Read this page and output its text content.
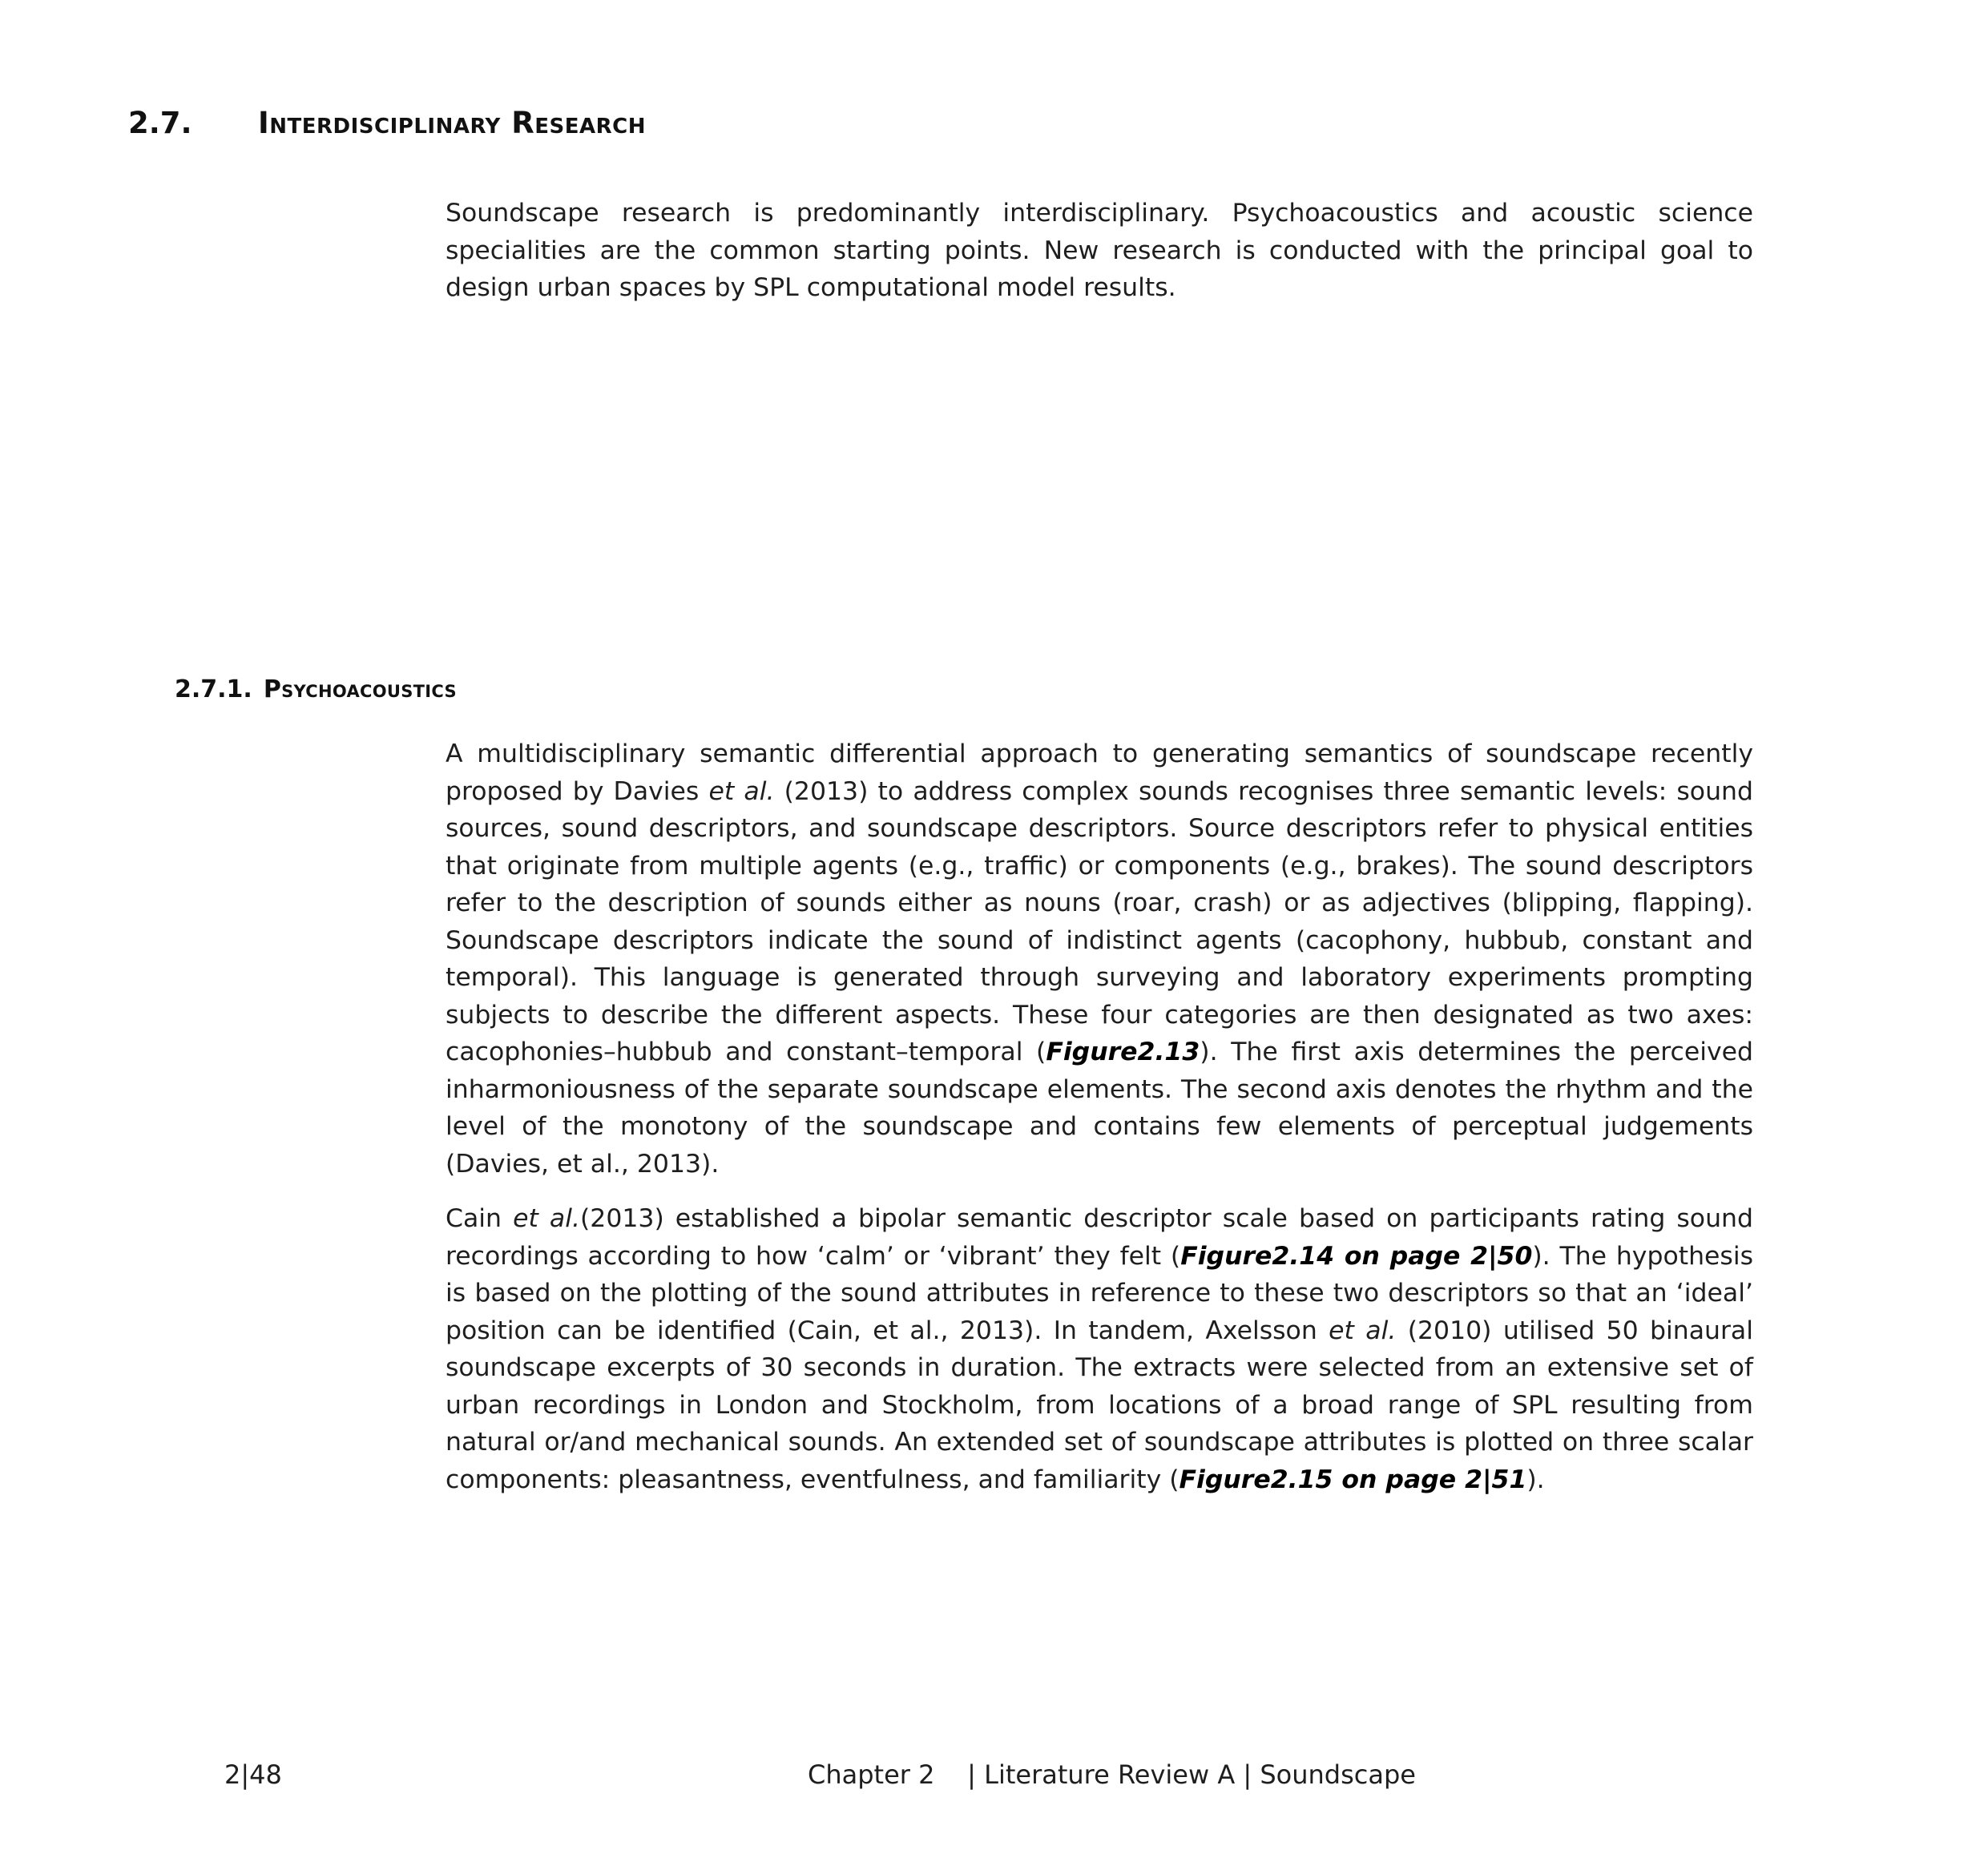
2.7.	Interdisciplinary Research

Soundscape research is predominantly interdisciplinary. Psychoacoustics and acoustic science specialities are the common starting points. New research is conducted with the principal goal to design urban spaces by SPL computational model results.

2.7.1. Psychoacoustics

A multidisciplinary semantic differential approach to generating semantics of soundscape recently proposed by Davies et al. (2013) to address complex sounds recognises three semantic levels: sound sources, sound descriptors, and soundscape descriptors. Source descriptors refer to physical entities that originate from multiple agents (e.g., traffic) or components (e.g., brakes). The sound descriptors refer to the description of sounds either as nouns (roar, crash) or as adjectives (blipping, flapping). Soundscape descriptors indicate the sound of indistinct agents (cacophony, hubbub, constant and temporal). This language is generated through surveying and laboratory experiments prompting subjects to describe the different aspects. These four categories are then designated as two axes: cacophonies–hubbub and constant–temporal (Figure2.13). The first axis determines the perceived inharmoniousness of the separate soundscape elements. The second axis denotes the rhythm and the level of the monotony of the soundscape and contains few elements of perceptual judgements (Davies, et al., 2013).

Cain et al.(2013) established a bipolar semantic descriptor scale based on participants rating sound recordings according to how ‘calm’ or ‘vibrant’ they felt (Figure2.14 on page 2|50). The hypothesis is based on the plotting of the sound attributes in reference to these two descriptors so that an ‘ideal’ position can be identified (Cain, et al., 2013). In tandem, Axelsson et al. (2010) utilised 50 binaural soundscape excerpts of 30 seconds in duration. The extracts were selected from an extensive set of urban recordings in London and Stockholm, from locations of a broad range of SPL resulting from natural or/and mechanical sounds. An extended set of soundscape attributes is plotted on three scalar components: pleasantness, eventfulness, and familiarity (Figure2.15 on page 2|51).

2|48	Chapter 2    | Literature Review A | Soundscape
